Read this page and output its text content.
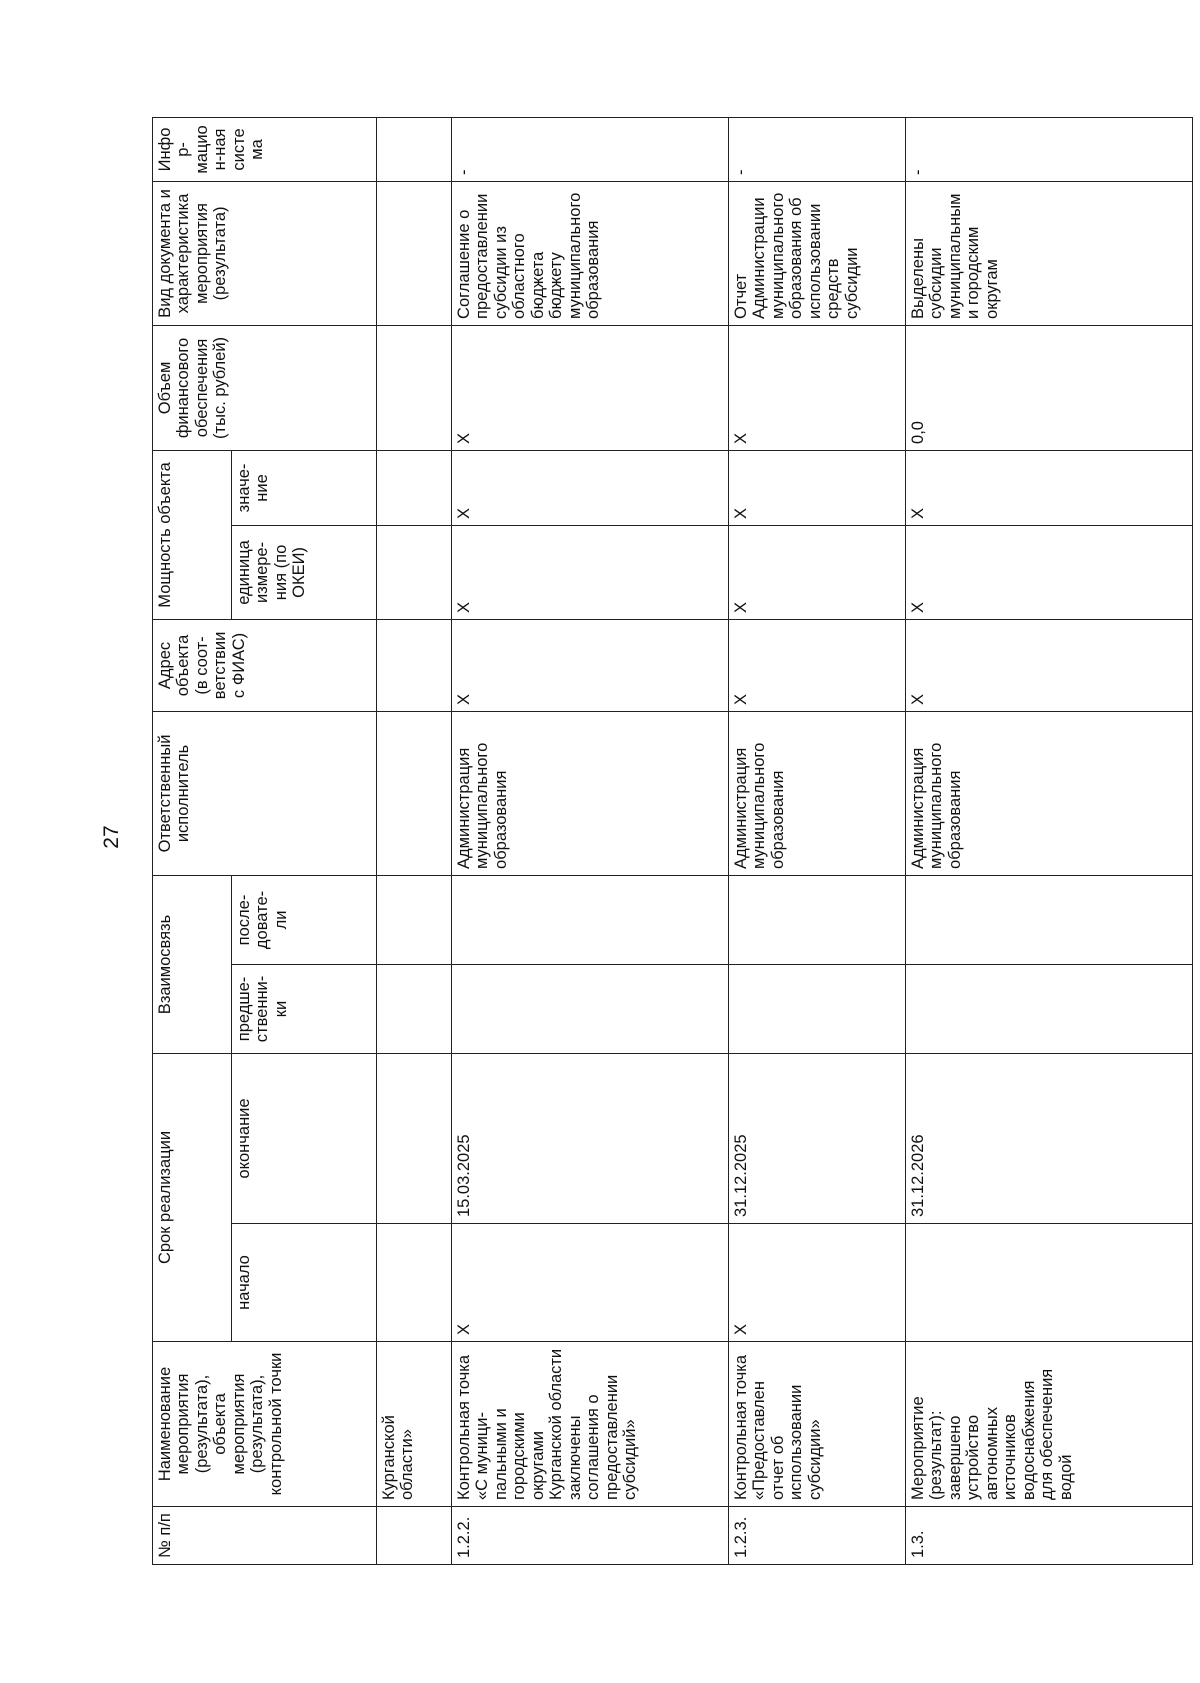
27
№ п/п	Наименование мероприятия (результата), объекта мероприятия (результата), контрольной точки	Срок реализации		Взаимосвязь		Ответственный исполнитель	Адрес объекта (в соот-ветствии с ФИАС)	Мощность объекта		Объем финансового обеспечения (тыс. рублей)	Вид документа и характеристика мероприятия (результата)	Инфор-мацион-ная система
		начало	окончание	предше-ственни-ки	после-довате-ли			единица измере-ния (по ОКЕИ)	значе-ние			
	Курганской области»											
1.2.2.	Контрольная точка «С муници-пальными и городскими округами Курганской области заключены соглашения о предоставлении субсидий»	Х	15.03.2025			Администрация муниципального образования	Х	Х	Х	Х	Соглашение о предоставлении субсидии из областного бюджета бюджету муниципального образования	-
1.2.3.	Контрольная точка «Предоставлен отчет об использовании субсидии»	Х	31.12.2025			Администрация муниципального образования	Х	Х	Х	Х	Отчет Администрации муниципального образования об использовании средств субсидии	-
1.3.	Мероприятие (результат): завершено устройство автономных источников водоснабжения для обеспечения водой		31.12.2026			Администрация муниципального образования	Х	Х	Х	0,0	Выделены субсидии муниципальным и городским округам	-
